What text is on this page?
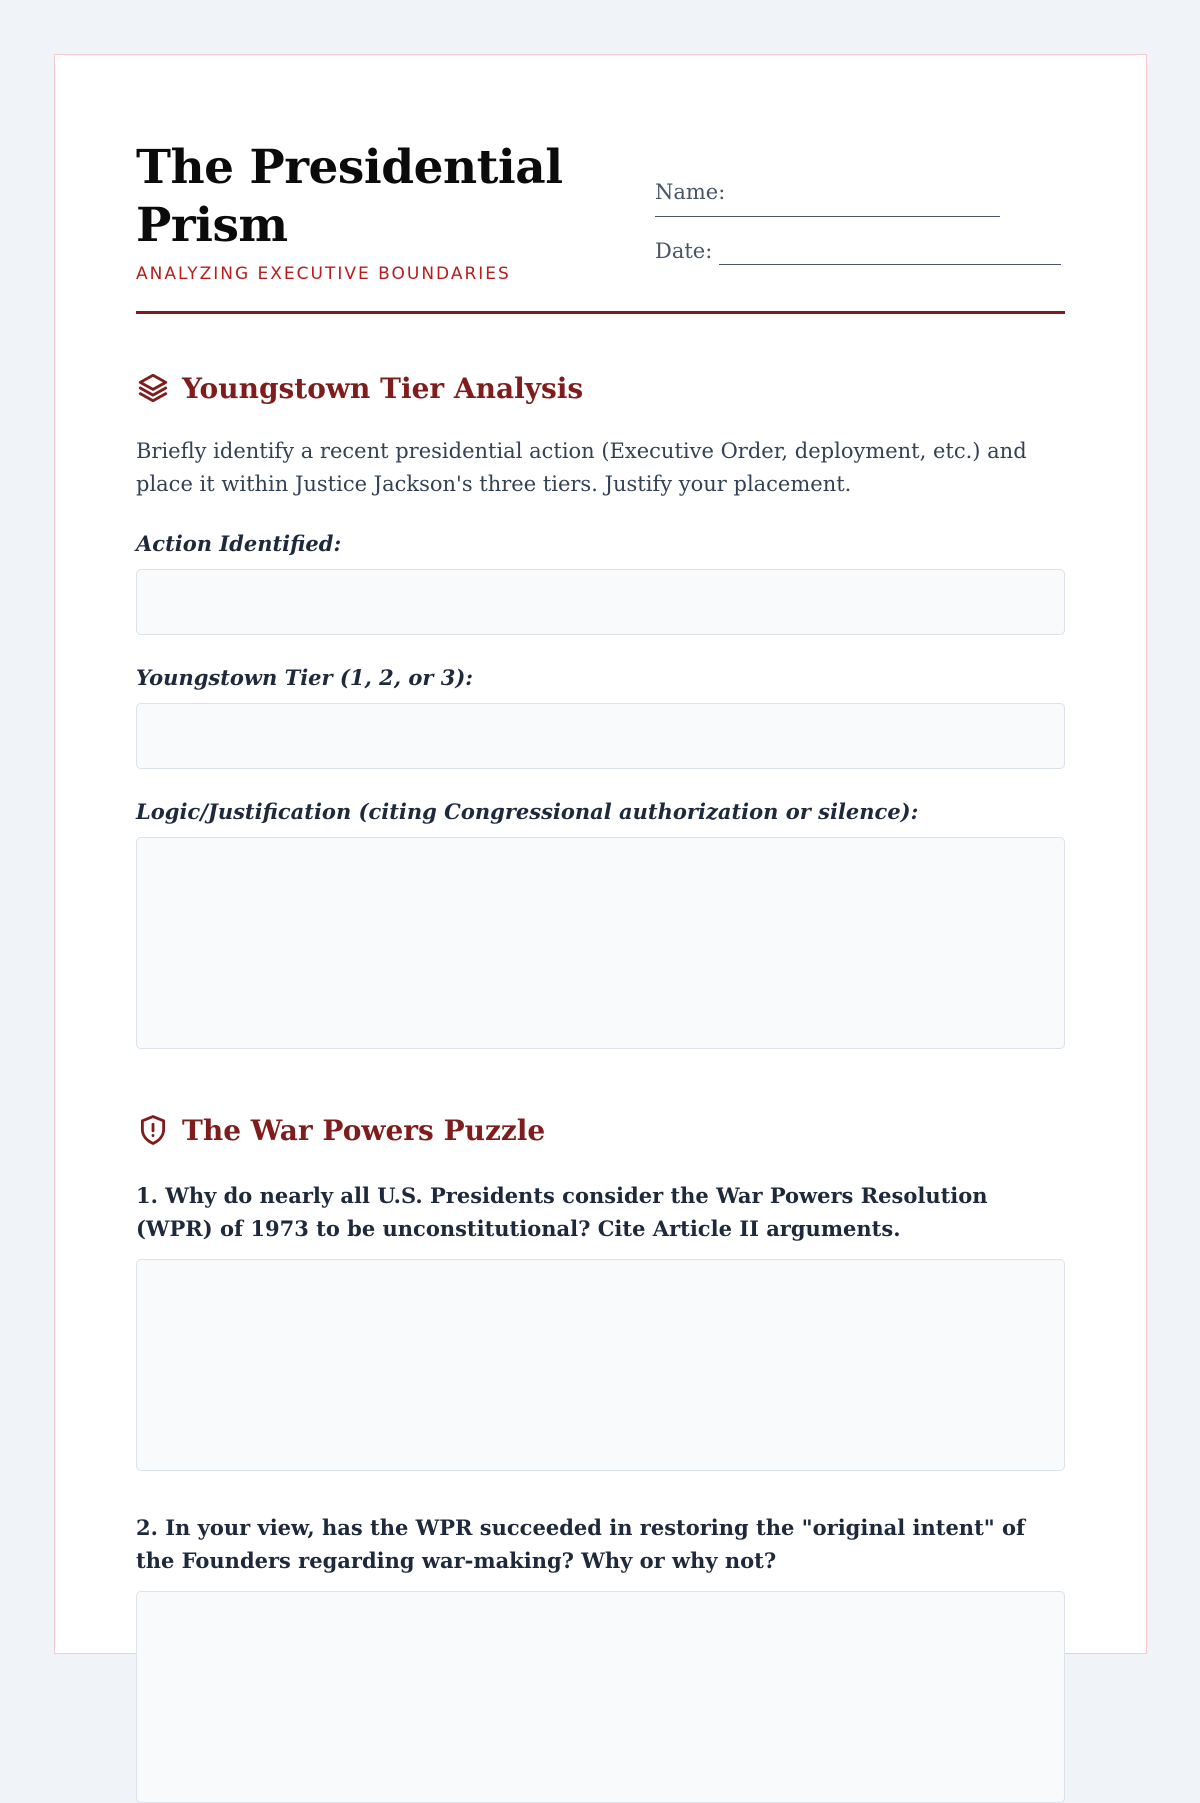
The Presidential Prism
ANALYZING EXECUTIVE BOUNDARIES
Name:
Date:
Youngstown Tier Analysis
Briefly identify a recent presidential action (Executive Order, deployment, etc.) and place it within Justice Jackson's three tiers. Justify your placement.
Action Identified:
Youngstown Tier (1, 2, or 3):
Logic/Justification (citing Congressional authorization or silence):
The War Powers Puzzle
1. Why do nearly all U.S. Presidents consider the War Powers Resolution (WPR) of 1973 to be unconstitutional? Cite Article II arguments.
2. In your view, has the WPR succeeded in restoring the "original intent" of the Founders regarding war-making? Why or why not?
